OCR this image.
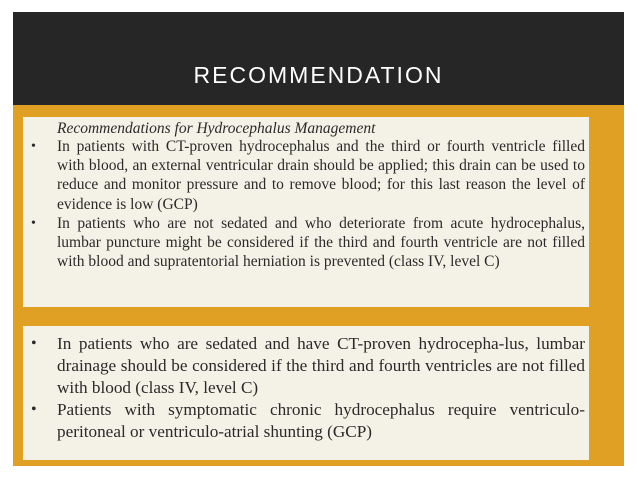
RECOMMENDATION
Recommendations for Hydrocephalus Management
• In patients with CT-proven hydrocephalus and the third or fourth ventricle filled with blood, an external ventricular drain should be applied; this drain can be used to reduce and monitor pressure and to remove blood; for this last reason the level of evidence is low (GCP)
• In patients who are not sedated and who deteriorate from acute hydrocephalus, lumbar puncture might be considered if the third and fourth ventricle are not filled with blood and supratentorial herniation is prevented (class IV, level C)
• In patients who are sedated and have CT-proven hydrocepha-lus, lumbar drainage should be considered if the third and fourth ventricles are not filled with blood (class IV, level C)
• Patients with symptomatic chronic hydrocephalus require ventriculo-peritoneal or ventriculo-atrial shunting (GCP)
